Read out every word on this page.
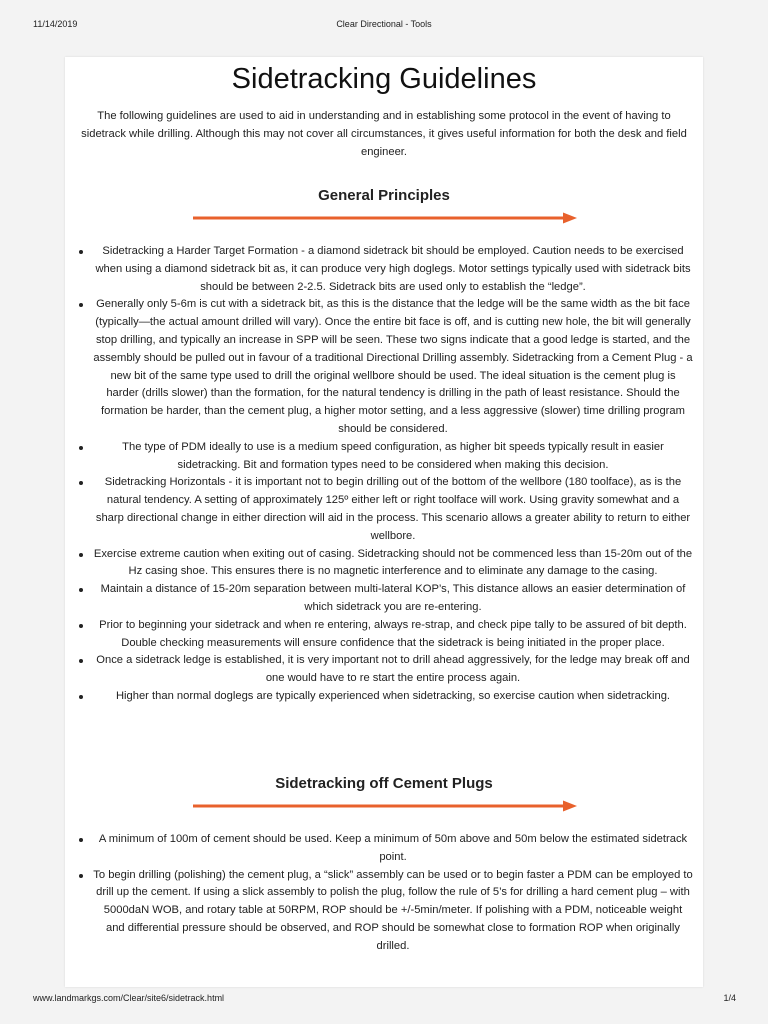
11/14/2019	Clear Directional - Tools
Sidetracking Guidelines
The following guidelines are used to aid in understanding and in establishing some protocol in the event of having to sidetrack while drilling. Although this may not cover all circumstances, it gives useful information for both the desk and field engineer.
General Principles
Sidetracking a Harder Target Formation - a diamond sidetrack bit should be employed. Caution needs to be exercised when using a diamond sidetrack bit as, it can produce very high doglegs. Motor settings typically used with sidetrack bits should be between 2-2.5. Sidetrack bits are used only to establish the “ledge”.
Generally only 5-6m is cut with a sidetrack bit, as this is the distance that the ledge will be the same width as the bit face (typically—the actual amount drilled will vary). Once the entire bit face is off, and is cutting new hole, the bit will generally stop drilling, and typically an increase in SPP will be seen. These two signs indicate that a good ledge is started, and the assembly should be pulled out in favour of a traditional Directional Drilling assembly. Sidetracking from a Cement Plug - a new bit of the same type used to drill the original wellbore should be used. The ideal situation is the cement plug is harder (drills slower) than the formation, for the natural tendency is drilling in the path of least resistance. Should the formation be harder, than the cement plug, a higher motor setting, and a less aggressive (slower) time drilling program should be considered.
The type of PDM ideally to use is a medium speed configuration, as higher bit speeds typically result in easier sidetracking. Bit and formation types need to be considered when making this decision.
Sidetracking Horizontals - it is important not to begin drilling out of the bottom of the wellbore (180 toolface), as is the natural tendency. A setting of approximately 125º either left or right toolface will work. Using gravity somewhat and a sharp directional change in either direction will aid in the process. This scenario allows a greater ability to return to either wellbore.
Exercise extreme caution when exiting out of casing. Sidetracking should not be commenced less than 15-20m out of the Hz casing shoe. This ensures there is no magnetic interference and to eliminate any damage to the casing.
Maintain a distance of 15-20m separation between multi-lateral KOP’s, This distance allows an easier determination of which sidetrack you are re-entering.
Prior to beginning your sidetrack and when re entering, always re-strap, and check pipe tally to be assured of bit depth. Double checking measurements will ensure confidence that the sidetrack is being initiated in the proper place.
Once a sidetrack ledge is established, it is very important not to drill ahead aggressively, for the ledge may break off and one would have to re start the entire process again.
Higher than normal doglegs are typically experienced when sidetracking, so exercise caution when sidetracking.
Sidetracking off Cement Plugs
A minimum of 100m of cement should be used. Keep a minimum of 50m above and 50m below the estimated sidetrack point.
To begin drilling (polishing) the cement plug, a “slick” assembly can be used or to begin faster a PDM can be employed to drill up the cement. If using a slick assembly to polish the plug, follow the rule of 5’s for drilling a hard cement plug – with 5000daN WOB, and rotary table at 50RPM, ROP should be +/-5min/meter. If polishing with a PDM, noticeable weight and differential pressure should be observed, and ROP should be somewhat close to formation ROP when originally drilled.
www.landmarkgs.com/Clear/site6/sidetrack.html	1/4
